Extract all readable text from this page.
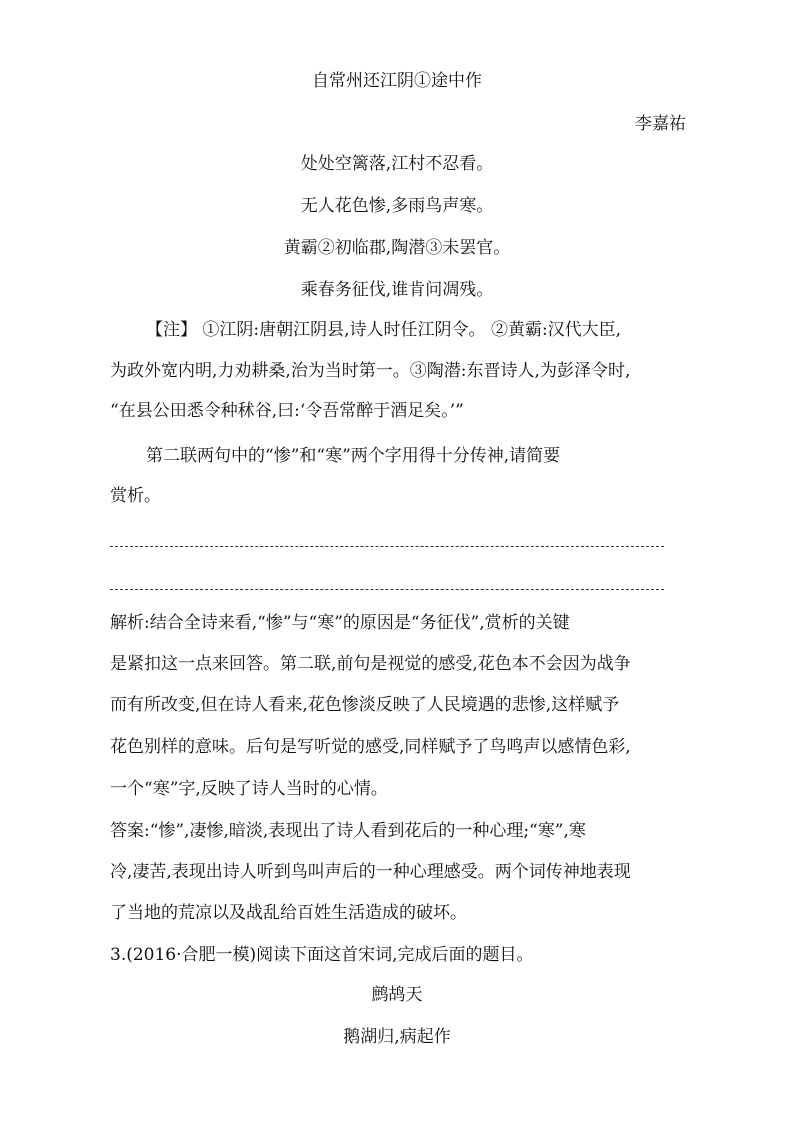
自常州还江阴①途中作
李嘉祐
处处空篱落,江村不忍看。
无人花色惨,多雨鸟声寒。
黄霸②初临郡,陶潜③未罢官。
乘春务征伐,谁肯问凋残。
【注】 ①江阴:唐朝江阴县,诗人时任江阴令。 ②黄霸:汉代大臣,
为政外宽内明,力劝耕桑,治为当时第一。③陶潜:东晋诗人,为彭泽令时,
“在县公田悉令种秫谷,曰:‘令吾常醉于酒足矣。’”
第二联两句中的“惨”和“寒”两个字用得十分传神,请简要
赏析。
解析:结合全诗来看,“惨”与“寒”的原因是“务征伐”,赏析的关键
是紧扣这一点来回答。第二联,前句是视觉的感受,花色本不会因为战争
而有所改变,但在诗人看来,花色惨淡反映了人民境遇的悲惨,这样赋予
花色别样的意味。后句是写听觉的感受,同样赋予了鸟鸣声以感情色彩,
一个“寒”字,反映了诗人当时的心情。
答案:“惨”,凄惨,暗淡,表现出了诗人看到花后的一种心理;“寒”,寒
冷,凄苦,表现出诗人听到鸟叫声后的一种心理感受。两个词传神地表现
了当地的荒凉以及战乱给百姓生活造成的破坏。
3.(2016·合肥一模)阅读下面这首宋词,完成后面的题目。
鹧鸪天
鹅湖归,病起作
